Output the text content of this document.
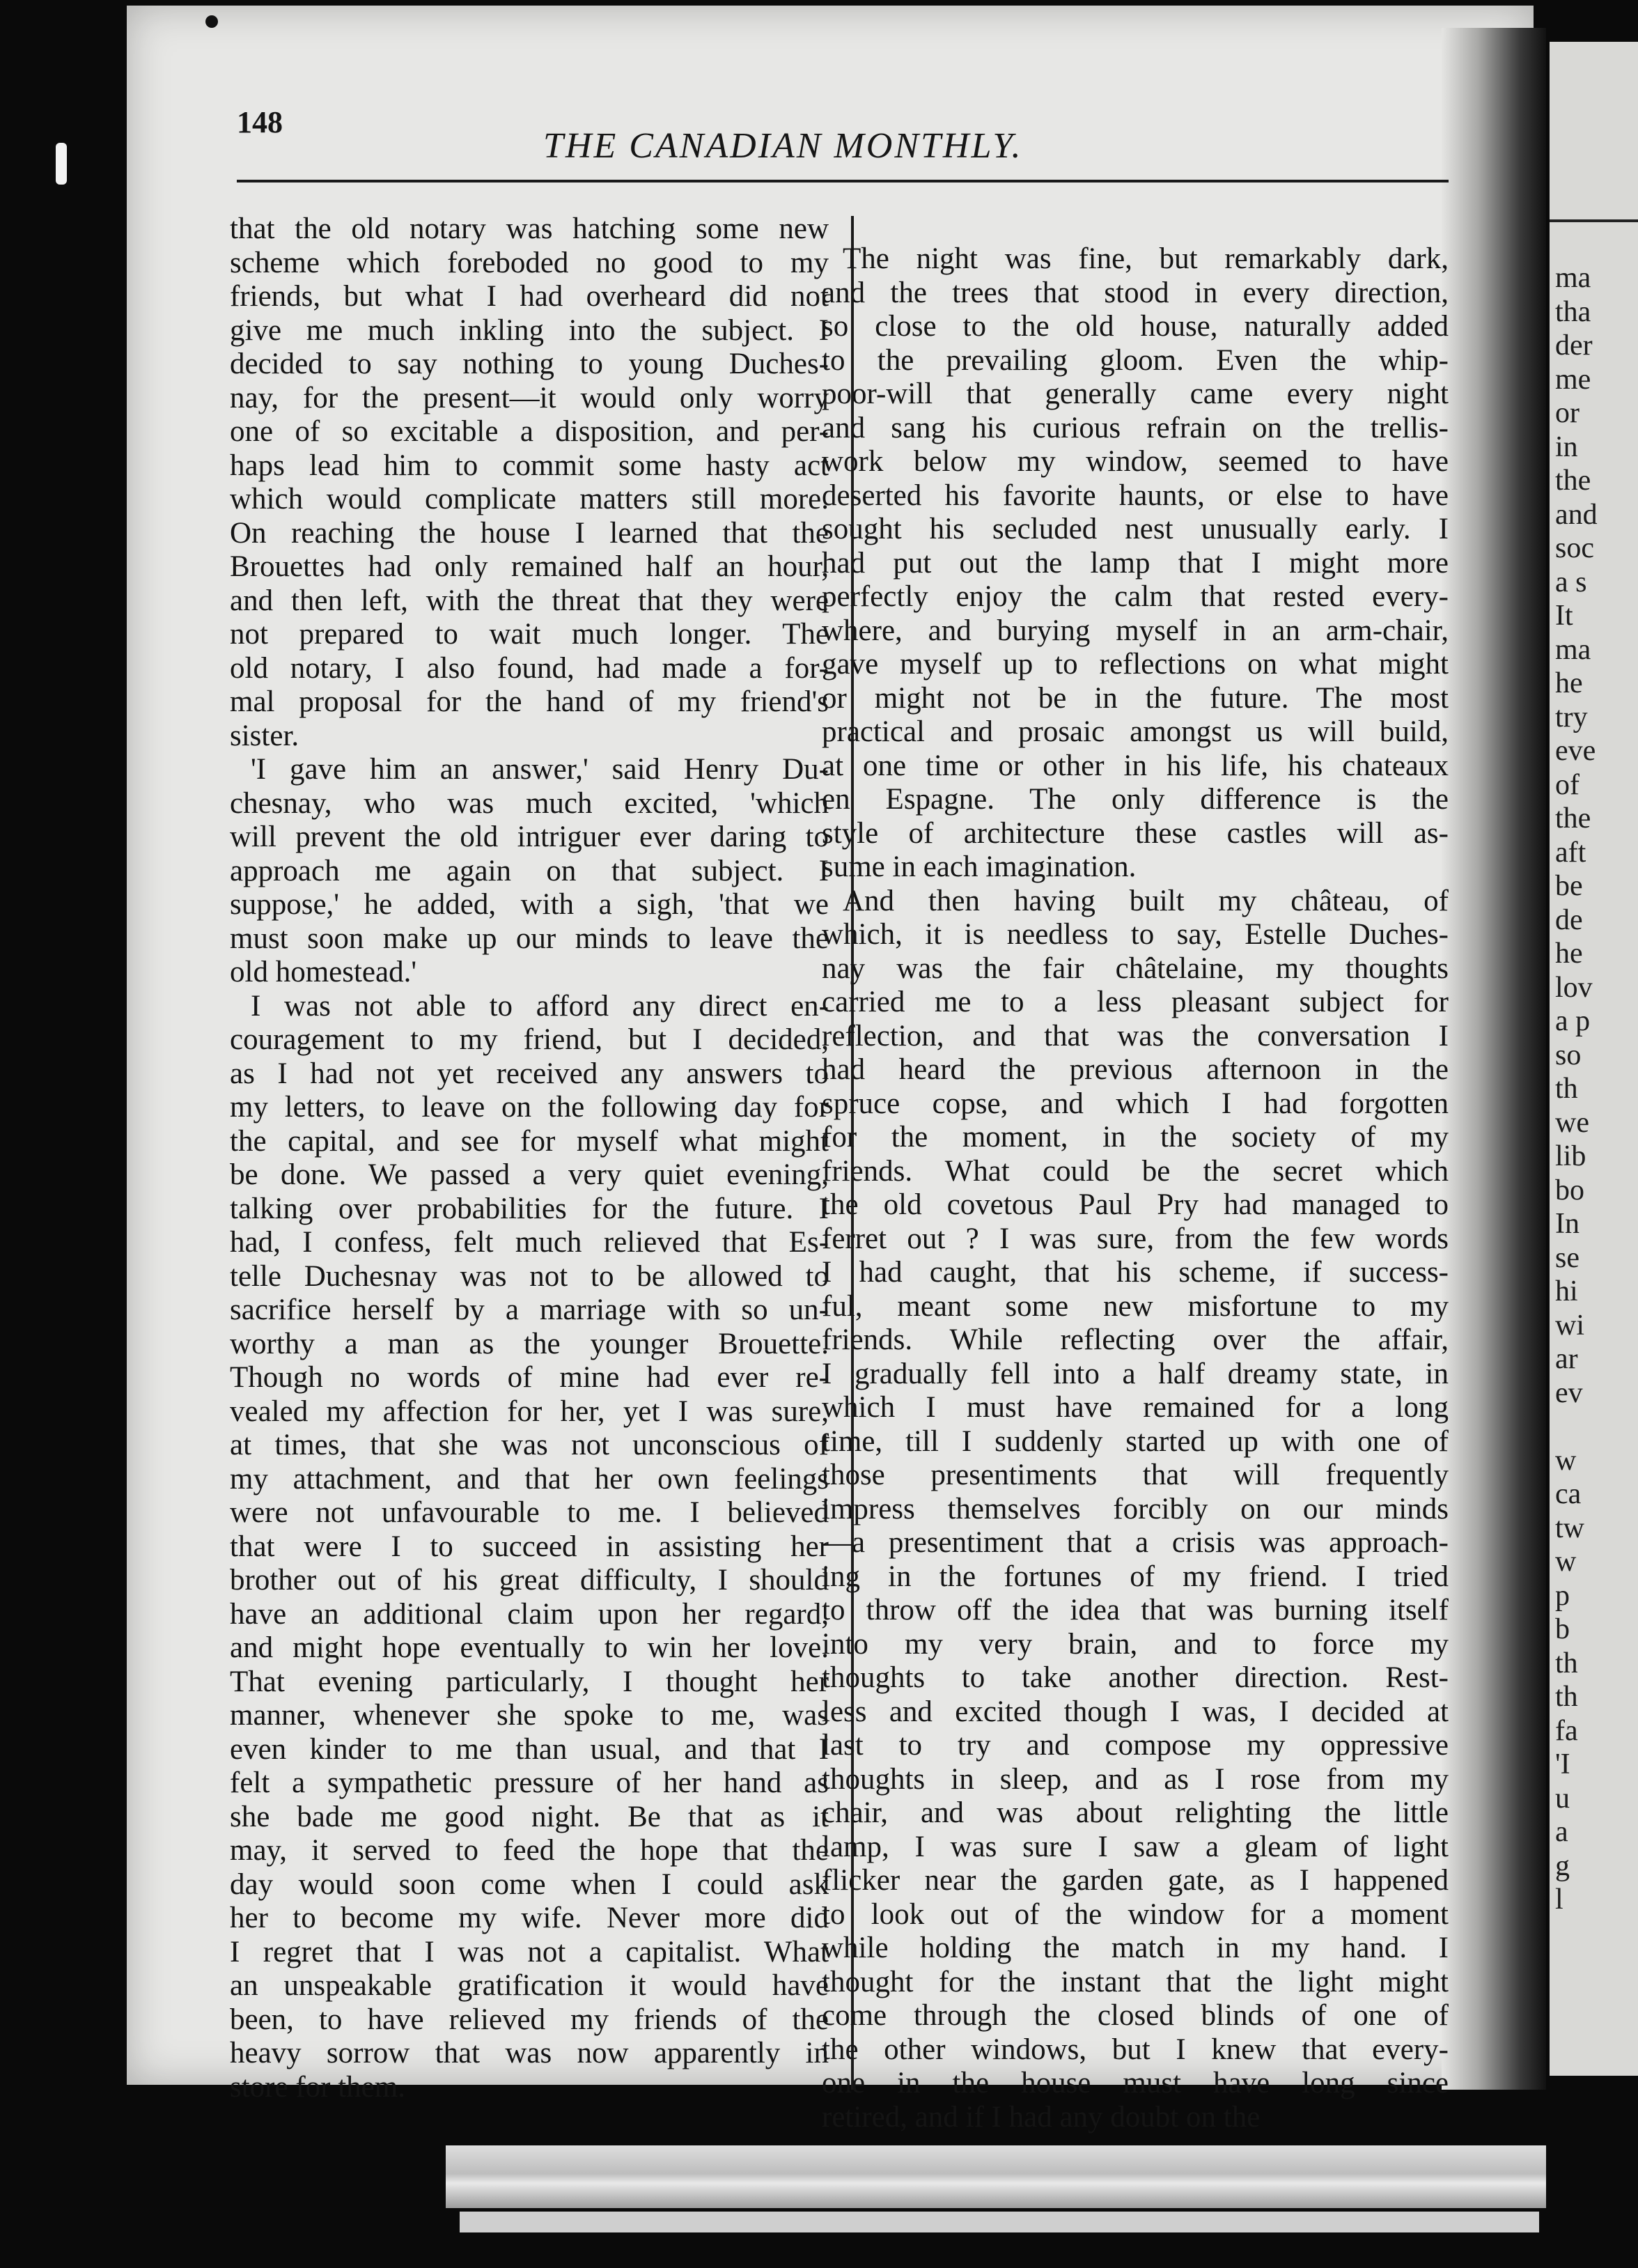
ma
tha
der
me
or
in
the
and
soc
a s
It
ma
he
try
eve
of
the
aft
be
de
he
lov
a p
so
th
we
lib
bo
In
se
hi
wi
ar
ev

w
ca
tw
w
p
b
th
th
fa
'I
u
a
g
l
148
THE CANADIAN MONTHLY.
that the old notary was hatching some new
scheme which foreboded no good to my
friends, but what I had overheard did not
give me much inkling into the subject. I
decided to say nothing to young Duches-
nay, for the present—it would only worry
one of so excitable a disposition, and per-
haps lead him to commit some hasty act
which would complicate matters still more.
On reaching the house I learned that the
Brouettes had only remained half an hour,
and then left, with the threat that they were
not prepared to wait much longer. The
old notary, I also found, had made a for-
mal proposal for the hand of my friend's
sister.
'I gave him an answer,' said Henry Du-
chesnay, who was much excited, 'which
will prevent the old intriguer ever daring to
approach me again on that subject. I
suppose,' he added, with a sigh, 'that we
must soon make up our minds to leave the
old homestead.'
I was not able to afford any direct en-
couragement to my friend, but I decided,
as I had not yet received any answers to
my letters, to leave on the following day for
the capital, and see for myself what might
be done. We passed a very quiet evening,
talking over probabilities for the future. I
had, I confess, felt much relieved that Es-
telle Duchesnay was not to be allowed to
sacrifice herself by a marriage with so un-
worthy a man as the younger Brouette.
Though no words of mine had ever re-
vealed my affection for her, yet I was sure,
at times, that she was not unconscious of
my attachment, and that her own feelings
were not unfavourable to me. I believed
that were I to succeed in assisting her
brother out of his great difficulty, I should
have an additional claim upon her regard,
and might hope eventually to win her love.
That evening particularly, I thought her
manner, whenever she spoke to me, was
even kinder to me than usual, and that I
felt a sympathetic pressure of her hand as
she bade me good night. Be that as it
may, it served to feed the hope that the
day would soon come when I could ask
her to become my wife. Never more did
I regret that I was not a capitalist. What
an unspeakable gratification it would have
been, to have relieved my friends of the
heavy sorrow that was now apparently in
store for them.
The night was fine, but remarkably dark,
and the trees that stood in every direction,
so close to the old house, naturally added
to the prevailing gloom. Even the whip-
poor-will that generally came every night
and sang his curious refrain on the trellis-
work below my window, seemed to have
deserted his favorite haunts, or else to have
sought his secluded nest unusually early. I
had put out the lamp that I might more
perfectly enjoy the calm that rested every-
where, and burying myself in an arm-chair,
gave myself up to reflections on what might
or might not be in the future. The most
practical and prosaic amongst us will build,
at one time or other in his life, his chateaux
en Espagne. The only difference is the
style of architecture these castles will as-
sume in each imagination.
And then having built my château, of
which, it is needless to say, Estelle Duches-
nay was the fair châtelaine, my thoughts
carried me to a less pleasant subject for
reflection, and that was the conversation I
had heard the previous afternoon in the
spruce copse, and which I had forgotten
for the moment, in the society of my
friends. What could be the secret which
the old covetous Paul Pry had managed to
ferret out ? I was sure, from the few words
I had caught, that his scheme, if success-
ful, meant some new misfortune to my
friends. While reflecting over the affair,
I gradually fell into a half dreamy state, in
which I must have remained for a long
time, till I suddenly started up with one of
those presentiments that will frequently
impress themselves forcibly on our minds
—a presentiment that a crisis was approach-
ing in the fortunes of my friend. I tried
to throw off the idea that was burning itself
into my very brain, and to force my
thoughts to take another direction. Rest-
less and excited though I was, I decided at
last to try and compose my oppressive
thoughts in sleep, and as I rose from my
chair, and was about relighting the little
lamp, I was sure I saw a gleam of light
flicker near the garden gate, as I happened
to look out of the window for a moment
while holding the match in my hand. I
thought for the instant that the light might
come through the closed blinds of one of
the other windows, but I knew that every-
one in the house must have long since
retired, and if I had any doubt on the
